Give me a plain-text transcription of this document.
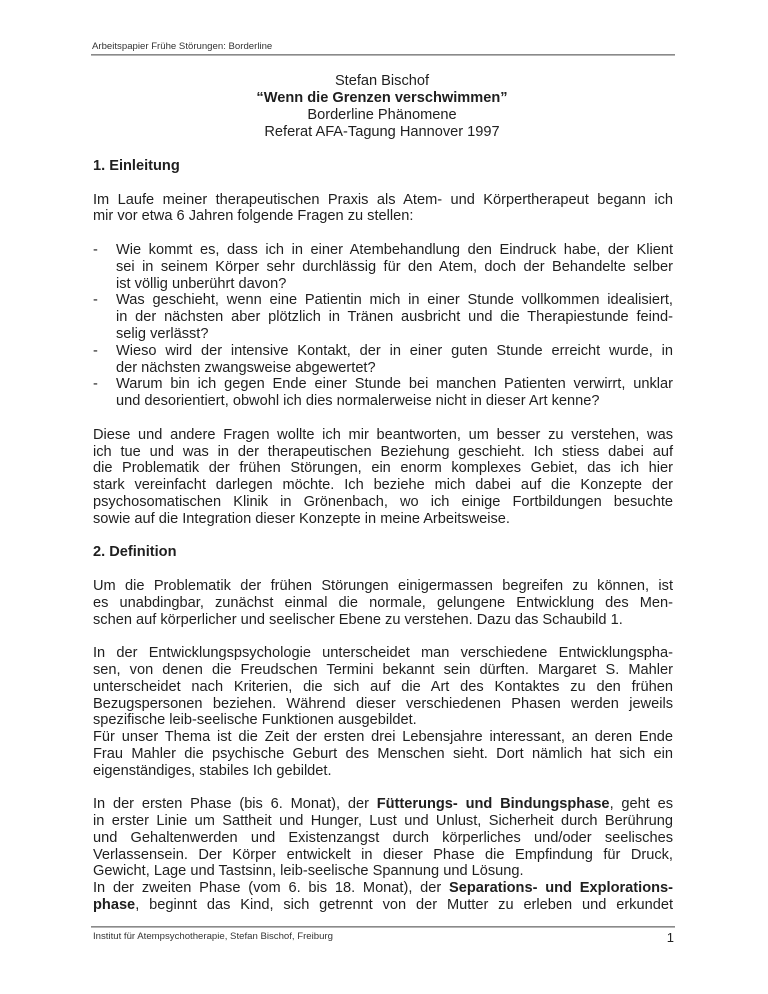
Arbeitspapier Frühe Störungen: Borderline
Stefan Bischof
“Wenn die Grenzen verschwimmen”
Borderline Phänomene
Referat AFA-Tagung Hannover 1997

1. Einleitung

Im Laufe meiner therapeutischen Praxis als Atem- und Körpertherapeut begann ich
mir vor etwa 6 Jahren folgende Fragen zu stellen:

- Wie kommt es, dass ich in einer Atembehandlung den Eindruck habe, der Klient
sei in seinem Körper sehr durchlässig für den Atem, doch der Behandelte selber
ist völlig unberührt davon?
- Was geschieht, wenn eine Patientin mich in einer Stunde vollkommen idealisiert,
in der nächsten aber plötzlich in Tränen ausbricht und die Therapiestunde feind-
selig verlässt?
- Wieso wird der intensive Kontakt, der in einer guten Stunde erreicht wurde, in
der nächsten zwangsweise abgewertet?
- Warum bin ich gegen Ende einer Stunde bei manchen Patienten verwirrt, unklar
und desorientiert, obwohl ich dies normalerweise nicht in dieser Art kenne?

Diese und andere Fragen wollte ich mir beantworten, um besser zu verstehen, was
ich tue und was in der therapeutischen Beziehung geschieht. Ich stiess dabei auf
die Problematik der frühen Störungen, ein enorm komplexes Gebiet, das ich hier
stark vereinfacht darlegen möchte. Ich beziehe mich dabei auf die Konzepte der
psychosomatischen Klinik in Grönenbach, wo ich einige Fortbildungen besuchte
sowie auf die Integration dieser Konzepte in meine Arbeitsweise.

2. Definition

Um die Problematik der frühen Störungen einigermassen begreifen zu können, ist
es unabdingbar, zunächst einmal die normale, gelungene Entwicklung des Men-
schen auf körperlicher und seelischer Ebene zu verstehen. Dazu das Schaubild 1.

In der Entwicklungspsychologie unterscheidet man verschiedene Entwicklungspha-
sen, von denen die Freudschen Termini bekannt sein dürften. Margaret S. Mahler
unterscheidet nach Kriterien, die sich auf die Art des Kontaktes zu den frühen
Bezugspersonen beziehen. Während dieser verschiedenen Phasen werden jeweils
spezifische leib-seelische Funktionen ausgebildet.

Für unser Thema ist die Zeit der ersten drei Lebensjahre interessant, an deren Ende
Frau Mahler die psychische Geburt des Menschen sieht. Dort nämlich hat sich ein
eigenständiges, stabiles Ich gebildet.

In der ersten Phase (bis 6. Monat), der Fütterungs- und Bindungsphase, geht es
in erster Linie um Sattheit und Hunger, Lust und Unlust, Sicherheit durch Berührung
und Gehaltenwerden und Existenzangst durch körperliches und/oder seelisches
Verlassensein. Der Körper entwickelt in dieser Phase die Empfindung für Druck,
Gewicht, Lage und Tastsinn, leib-seelische Spannung und Lösung.

In der zweiten Phase (vom 6. bis 18. Monat), der Separations- und Explorations-
phase, beginnt das Kind, sich getrennt von der Mutter zu erleben und erkundet

Institut für Atempsychotherapie, Stefan Bischof, Freiburg	1
